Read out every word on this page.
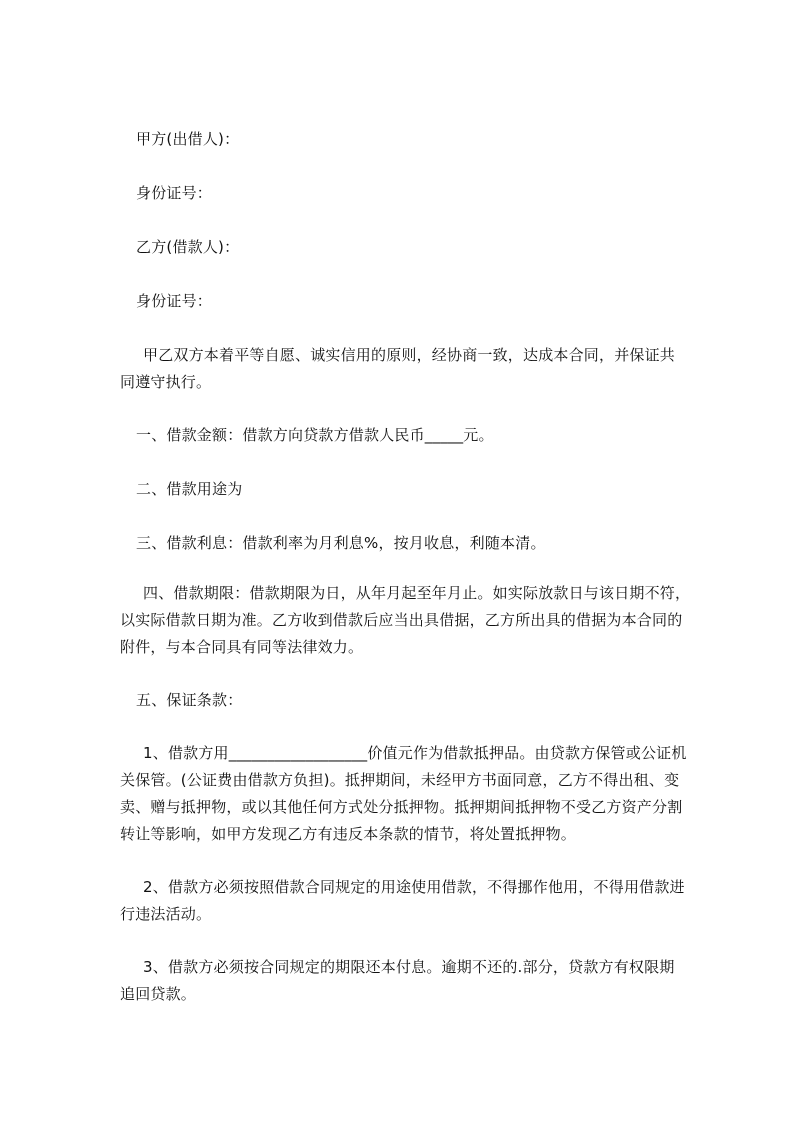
甲方(出借人)：
身份证号：
乙方(借款人)：
身份证号：
甲乙双方本着平等自愿、诚实信用的原则，经协商一致，达成本合同，并保证共
同遵守执行。
一、借款金额：借款方向贷款方借款人民币_____元。
二、借款用途为
三、借款利息：借款利率为月利息%，按月收息，利随本清。
四、借款期限：借款期限为日，从年月起至年月止。如实际放款日与该日期不符，
以实际借款日期为准。乙方收到借款后应当出具借据，乙方所出具的借据为本合同的
附件，与本合同具有同等法律效力。
五、保证条款：
1、借款方用__________________价值元作为借款抵押品。由贷款方保管或公证机
关保管。(公证费由借款方负担)。抵押期间，未经甲方书面同意，乙方不得出租、变
卖、赠与抵押物，或以其他任何方式处分抵押物。抵押期间抵押物不受乙方资产分割
转让等影响，如甲方发现乙方有违反本条款的情节，将处置抵押物。
2、借款方必须按照借款合同规定的用途使用借款，不得挪作他用，不得用借款进
行违法活动。
3、借款方必须按合同规定的期限还本付息。逾期不还的.部分，贷款方有权限期
追回贷款。
